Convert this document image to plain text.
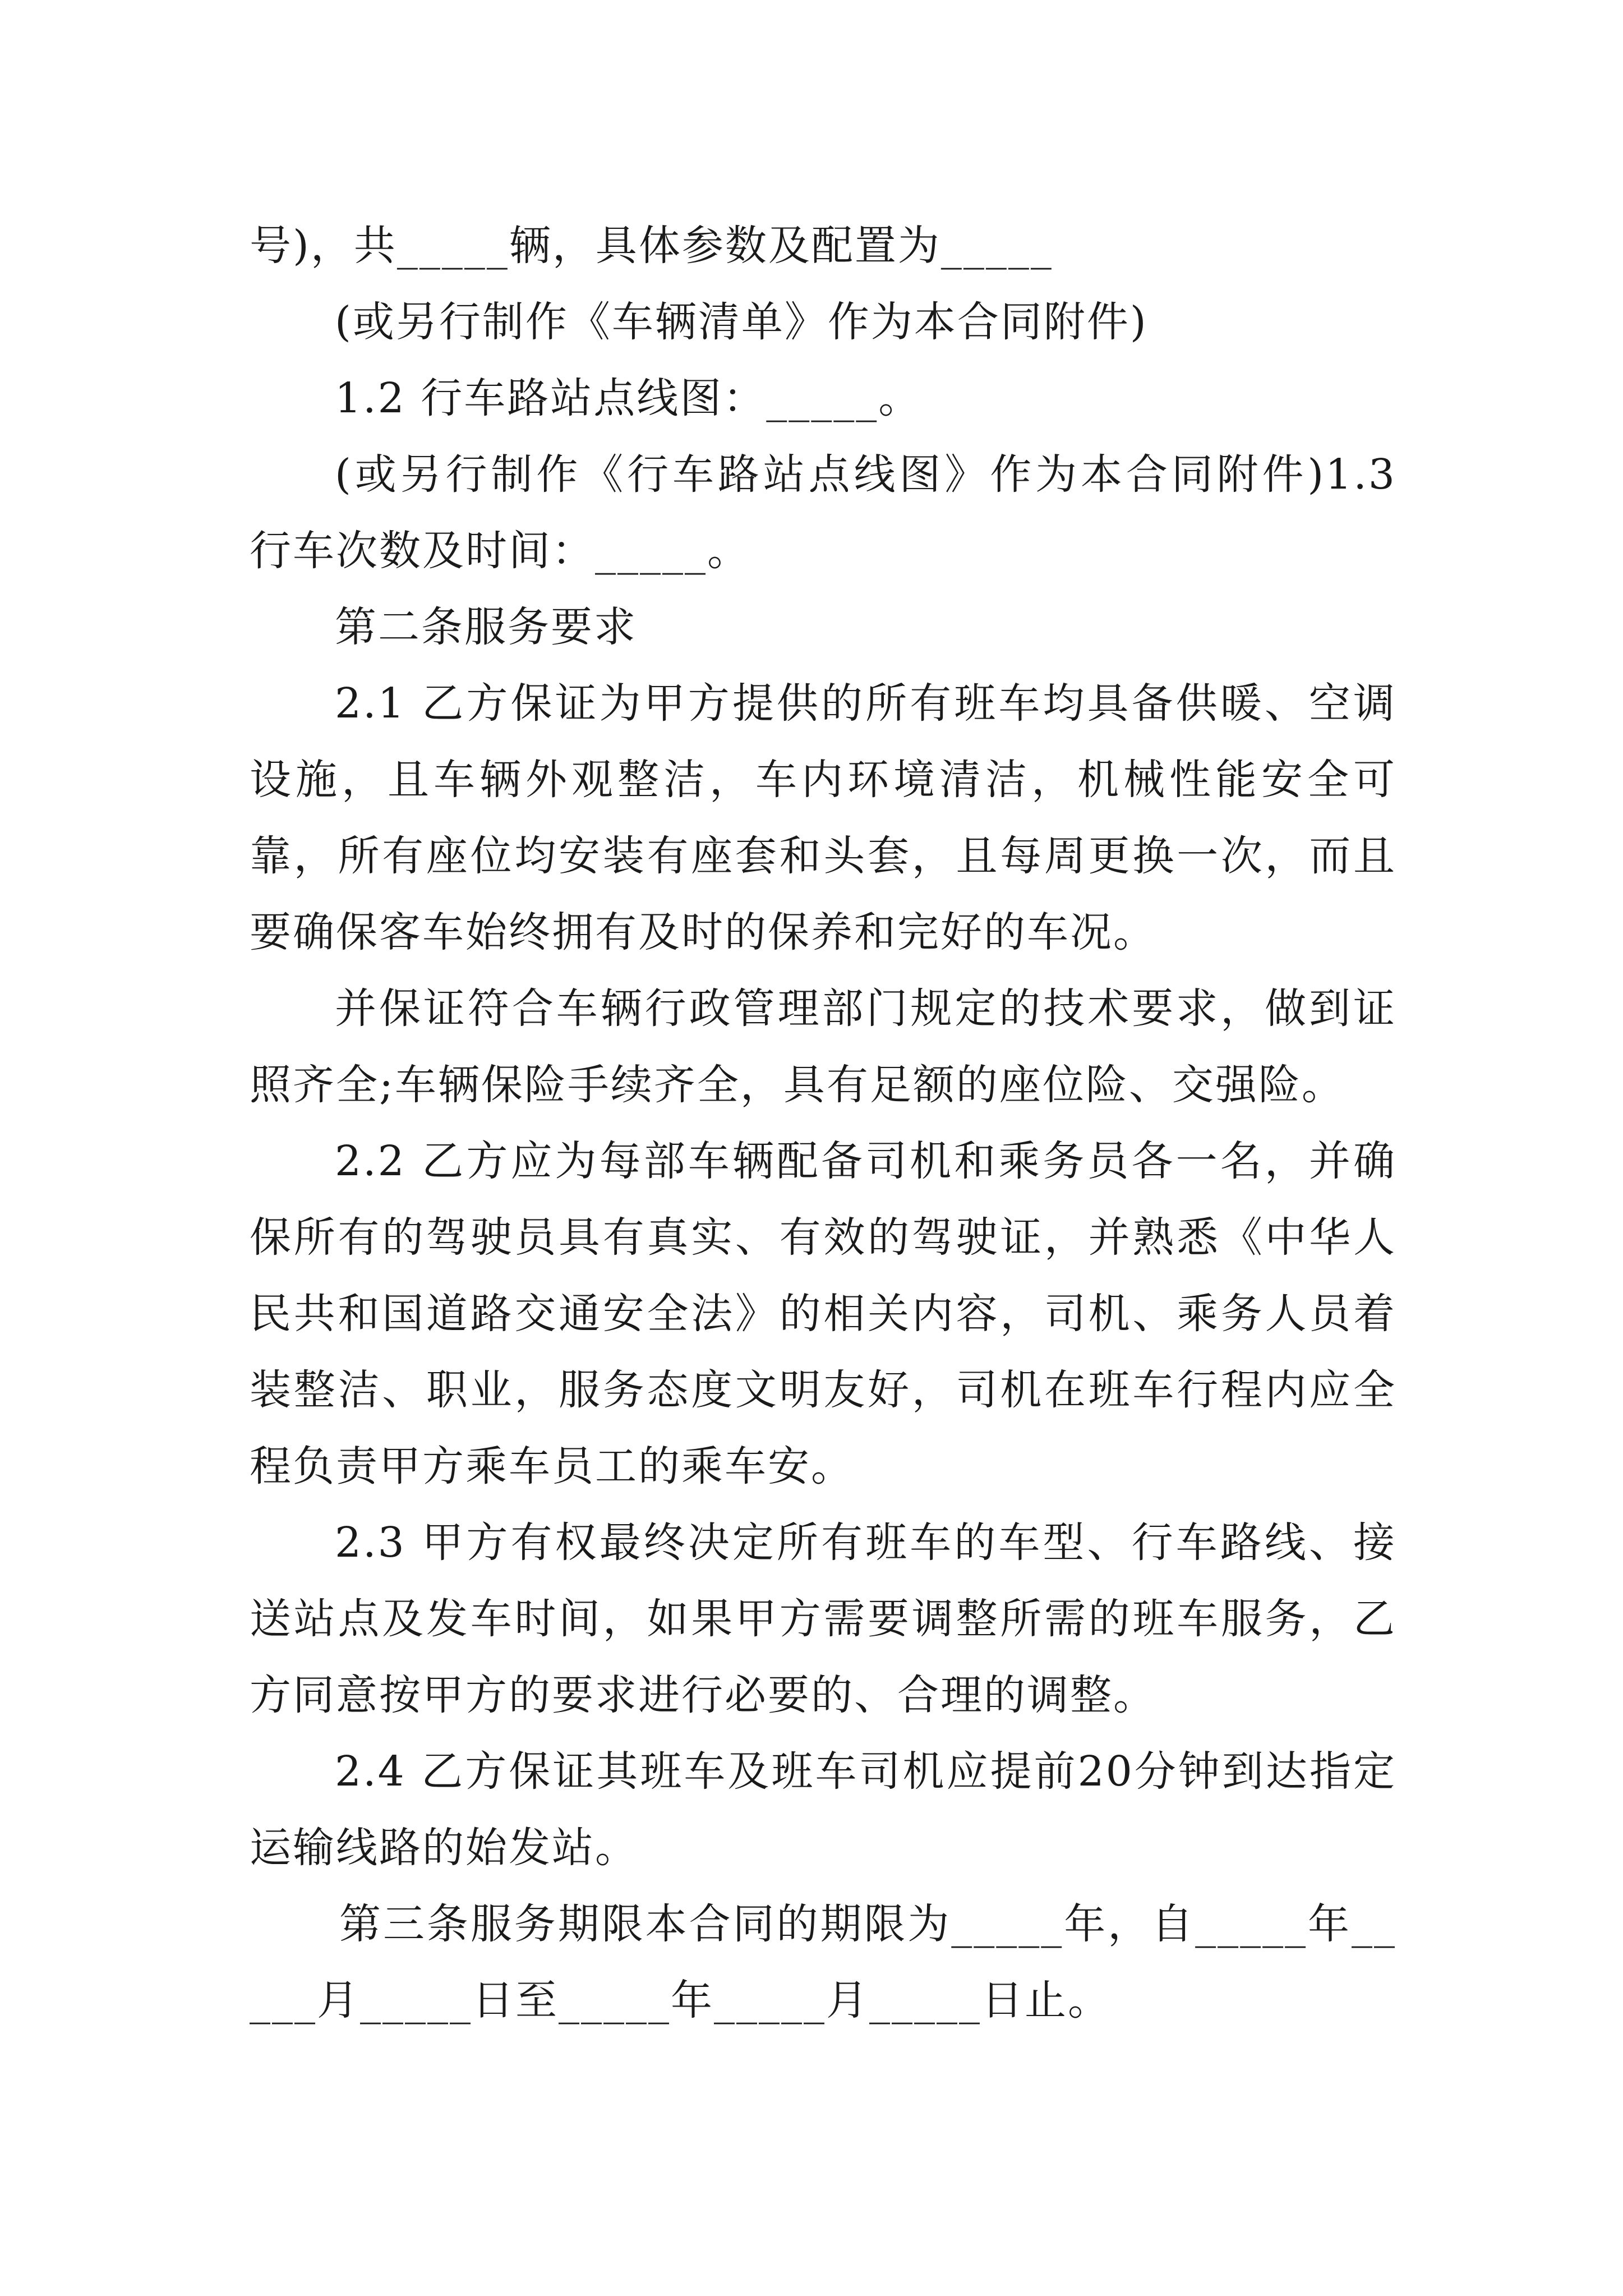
号)，共_____辆，具体参数及配置为_____

(或另行制作《车辆清单》作为本合同附件)

1.2 行车路站点线图：_____。

(或另行制作《行车路站点线图》作为本合同附件)1.3 行车次数及时间：_____。

第二条服务要求

2.1 乙方保证为甲方提供的所有班车均具备供暖、空调设施，且车辆外观整洁，车内环境清洁，机械性能安全可靠，所有座位均安装有座套和头套，且每周更换一次，而且要确保客车始终拥有及时的保养和完好的车况。

并保证符合车辆行政管理部门规定的技术要求，做到证照齐全;车辆保险手续齐全，具有足额的座位险、交强险。

2.2 乙方应为每部车辆配备司机和乘务员各一名，并确保所有的驾驶员具有真实、有效的驾驶证，并熟悉《中华人民共和国道路交通安全法》的相关内容，司机、乘务人员着装整洁、职业，服务态度文明友好，司机在班车行程内应全程负责甲方乘车员工的乘车安。

2.3 甲方有权最终决定所有班车的车型、行车路线、接送站点及发车时间，如果甲方需要调整所需的班车服务，乙方同意按甲方的要求进行必要的、合理的调整。

2.4 乙方保证其班车及班车司机应提前20分钟到达指定运输线路的始发站。

第三条服务期限本合同的期限为_____年，自_____年_____月_____日至_____年_____月_____日止。
